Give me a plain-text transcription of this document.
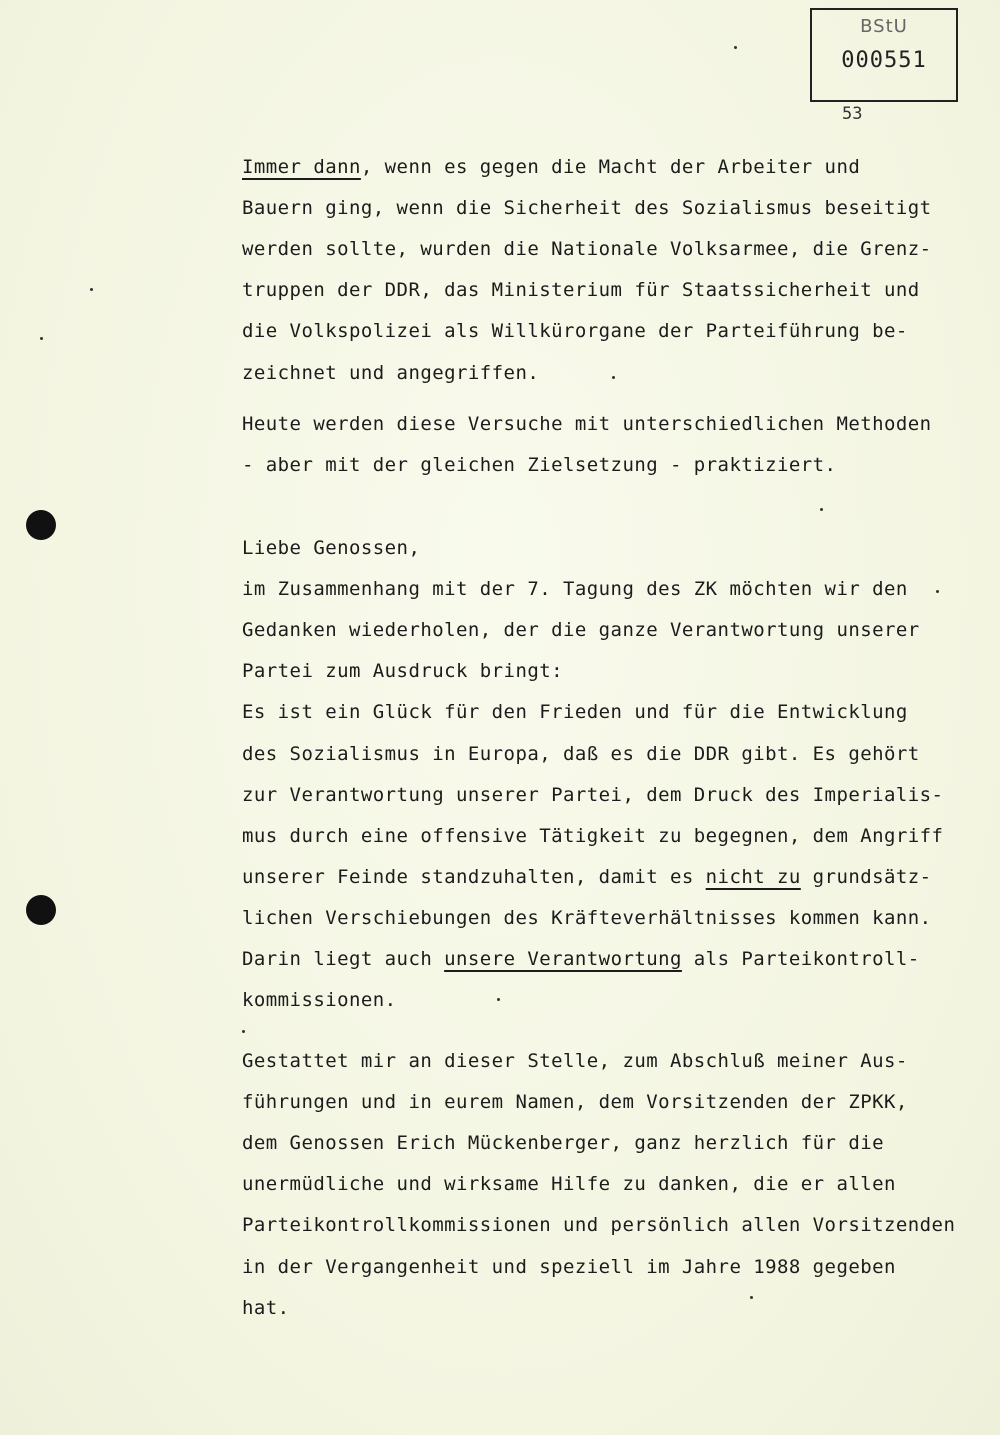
BStU
000551
53
Immer dann, wenn es gegen die Macht der Arbeiter und
Bauern ging, wenn die Sicherheit des Sozialismus beseitigt
werden sollte, wurden die Nationale Volksarmee, die Grenz-
truppen der DDR, das Ministerium für Staatssicherheit und
die Volkspolizei als Willkürorgane der Parteiführung be-
zeichnet und angegriffen.
Heute werden diese Versuche mit unterschiedlichen Methoden
- aber mit der gleichen Zielsetzung - praktiziert.
Liebe Genossen,
im Zusammenhang mit der 7. Tagung des ZK möchten wir den
Gedanken wiederholen, der die ganze Verantwortung unserer
Partei zum Ausdruck bringt:
Es ist ein Glück für den Frieden und für die Entwicklung
des Sozialismus in Europa, daß es die DDR gibt. Es gehört
zur Verantwortung unserer Partei, dem Druck des Imperialis-
mus durch eine offensive Tätigkeit zu begegnen, dem Angriff
unserer Feinde standzuhalten, damit es nicht zu grundsätz-
lichen Verschiebungen des Kräfteverhältnisses kommen kann.
Darin liegt auch unsere Verantwortung als Parteikontroll-
kommissionen.
Gestattet mir an dieser Stelle, zum Abschluß meiner Aus-
führungen und in eurem Namen, dem Vorsitzenden der ZPKK,
dem Genossen Erich Mückenberger, ganz herzlich für die
unermüdliche und wirksame Hilfe zu danken, die er allen
Parteikontrollkommissionen und persönlich allen Vorsitzenden
in der Vergangenheit und speziell im Jahre 1988 gegeben
hat.
